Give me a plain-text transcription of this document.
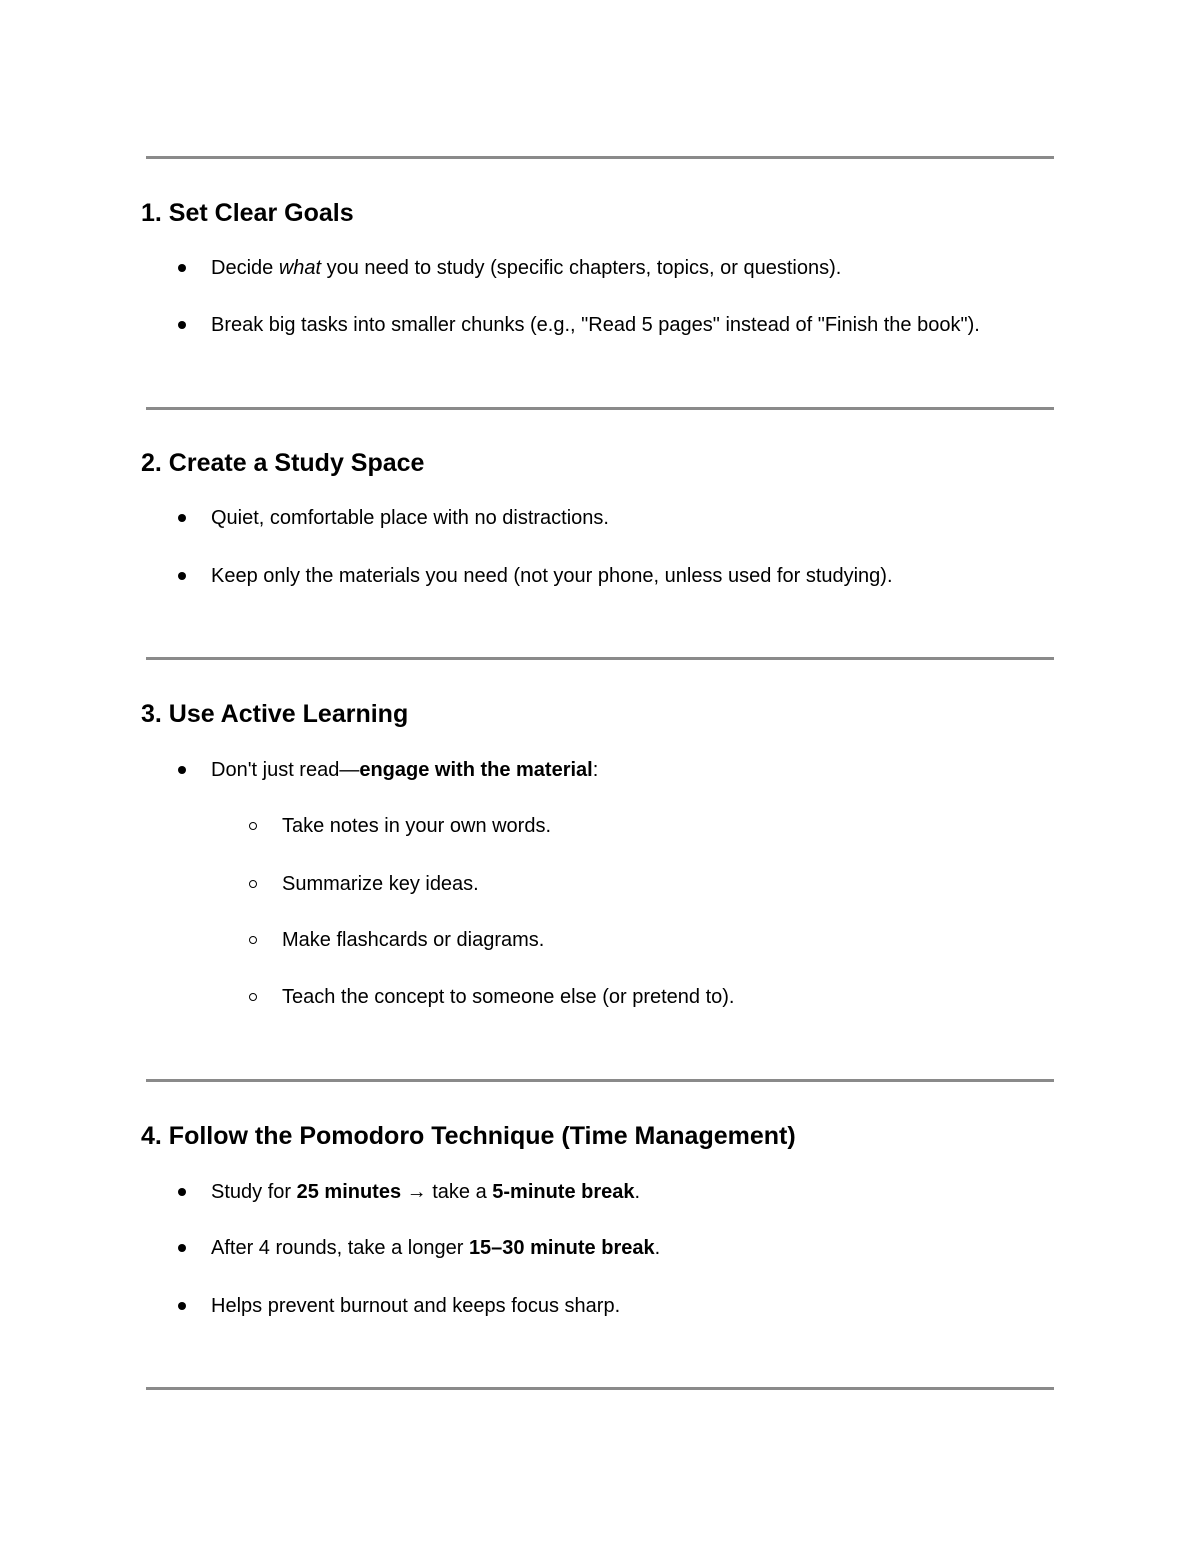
1. Set Clear Goals
Decide what you need to study (specific chapters, topics, or questions).
Break big tasks into smaller chunks (e.g., "Read 5 pages" instead of "Finish the book").
2. Create a Study Space
Quiet, comfortable place with no distractions.
Keep only the materials you need (not your phone, unless used for studying).
3. Use Active Learning
Don't just read—engage with the material:
Take notes in your own words.
Summarize key ideas.
Make flashcards or diagrams.
Teach the concept to someone else (or pretend to).
4. Follow the Pomodoro Technique (Time Management)
Study for 25 minutes → take a 5-minute break.
After 4 rounds, take a longer 15–30 minute break.
Helps prevent burnout and keeps focus sharp.
